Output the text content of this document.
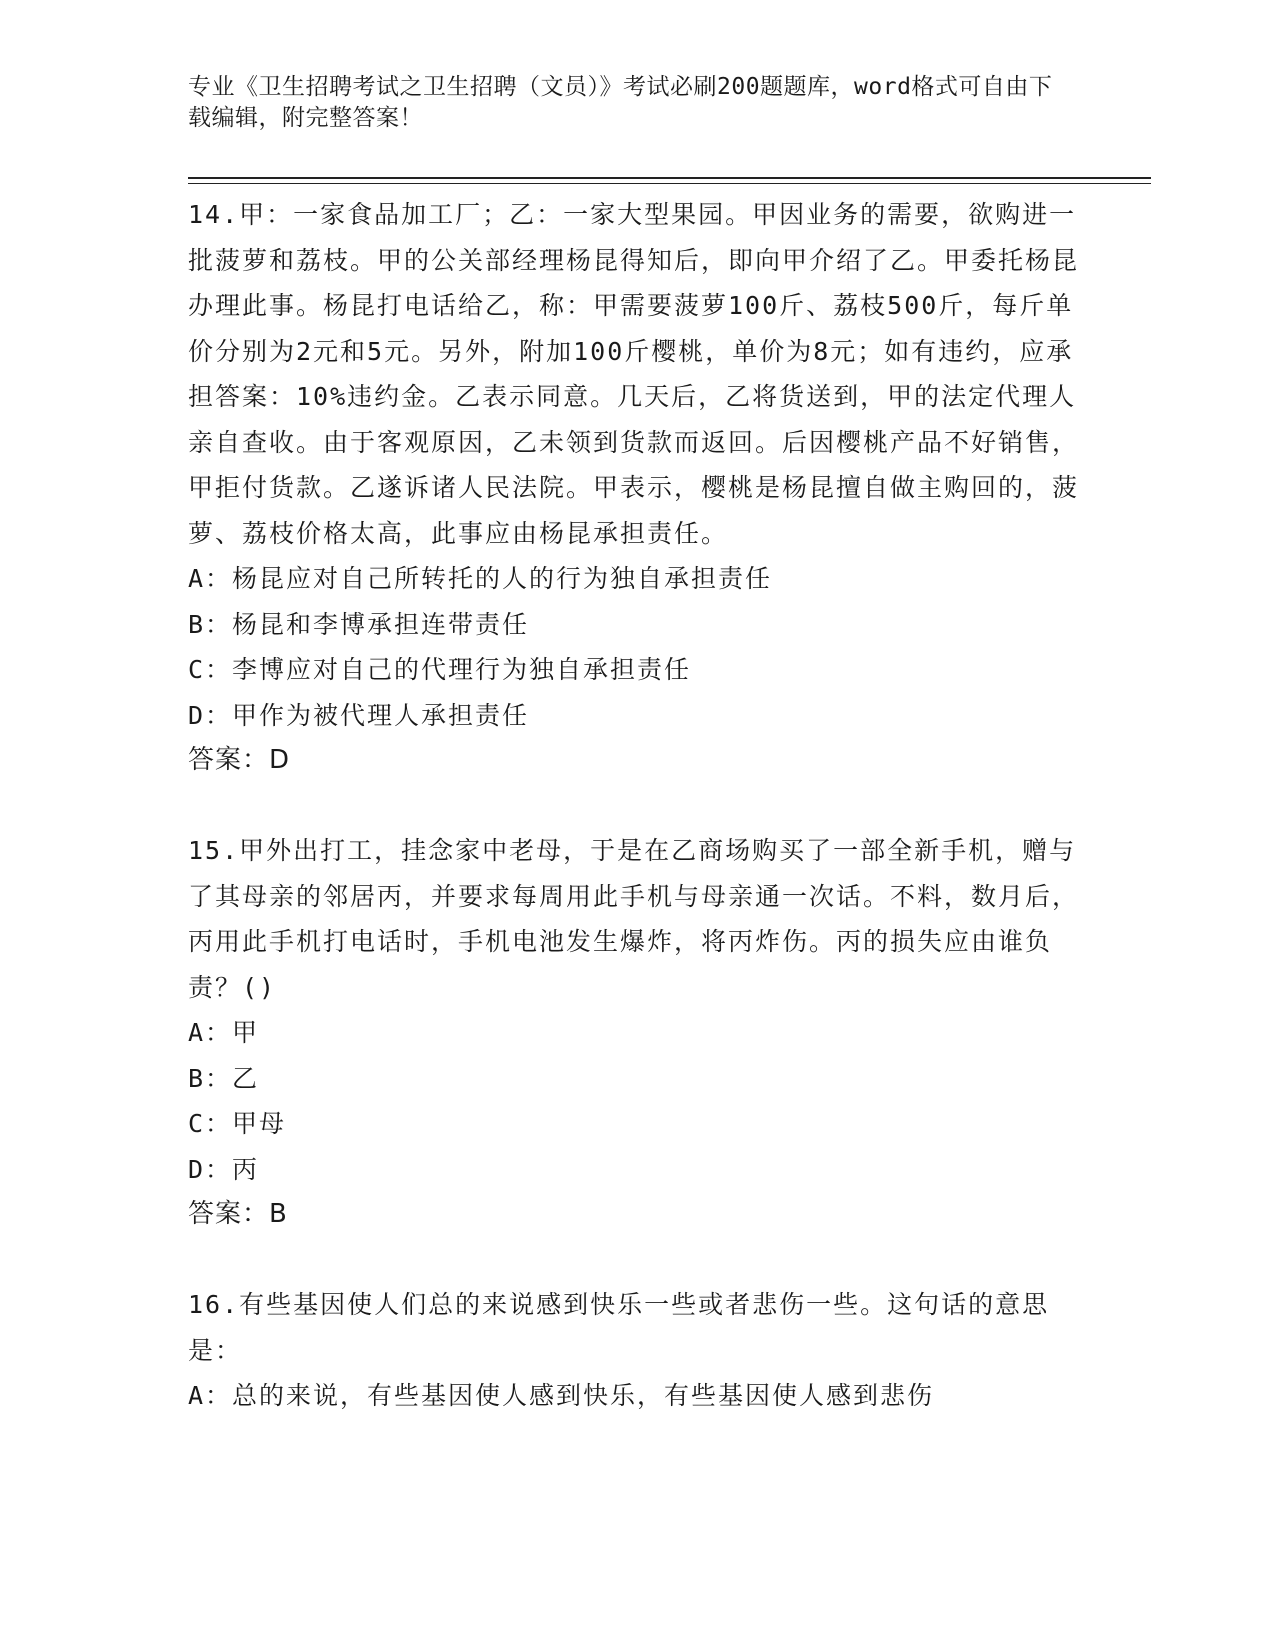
专业《卫生招聘考试之卫生招聘（文员）》考试必刷200题题库，word格式可自由下载编辑，附完整答案！
14.甲：一家食品加工厂；乙：一家大型果园。甲因业务的需要，欲购进一批菠萝和荔枝。甲的公关部经理杨昆得知后，即向甲介绍了乙。甲委托杨昆办理此事。杨昆打电话给乙，称：甲需要菠萝100斤、荔枝500斤，每斤单价分别为2元和5元。另外，附加100斤樱桃，单价为8元；如有违约，应承担答案：10%违约金。乙表示同意。几天后，乙将货送到，甲的法定代理人亲自查收。由于客观原因，乙未领到货款而返回。后因樱桃产品不好销售，甲拒付货款。乙遂诉诸人民法院。甲表示，樱桃是杨昆擅自做主购回的，菠萝、荔枝价格太高，此事应由杨昆承担责任。
A：杨昆应对自己所转托的人的行为独自承担责任
B：杨昆和李博承担连带责任
C：李博应对自己的代理行为独自承担责任
D：甲作为被代理人承担责任
答案：D
15.甲外出打工，挂念家中老母，于是在乙商场购买了一部全新手机，赠与了其母亲的邻居丙，并要求每周用此手机与母亲通一次话。不料，数月后，丙用此手机打电话时，手机电池发生爆炸，将丙炸伤。丙的损失应由谁负责？()
A：甲
B：乙
C：甲母
D：丙
答案：B
16.有些基因使人们总的来说感到快乐一些或者悲伤一些。这句话的意思是：
A：总的来说，有些基因使人感到快乐，有些基因使人感到悲伤
